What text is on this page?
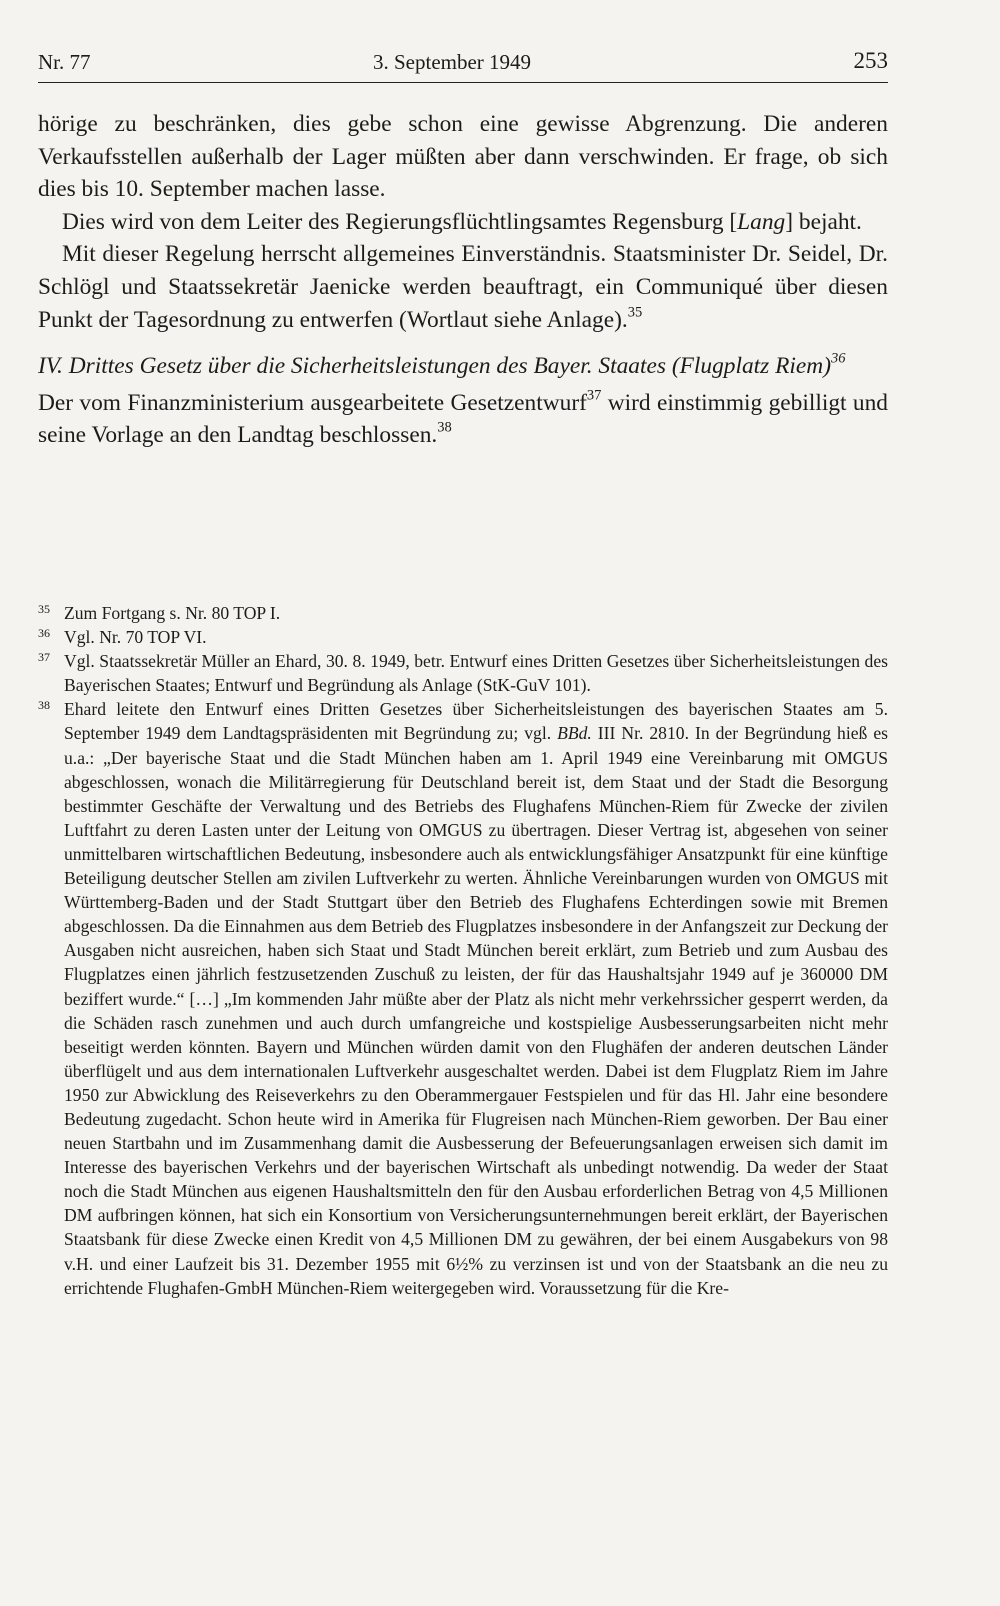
Nr. 77	3. September 1949	253

hörige zu beschränken, dies gebe schon eine gewisse Abgrenzung. Die anderen Verkaufsstellen außerhalb der Lager müßten aber dann verschwinden. Er frage, ob sich dies bis 10. September machen lasse.

Dies wird von dem Leiter des Regierungsflüchtlingsamtes Regensburg [Lang] bejaht.

Mit dieser Regelung herrscht allgemeines Einverständnis. Staatsminister Dr. Seidel, Dr. Schlögl und Staatssekretär Jaenicke werden beauftragt, ein Communiqué über diesen Punkt der Tagesordnung zu entwerfen (Wortlaut siehe Anlage).$^{35}$

IV. Drittes Gesetz über die Sicherheitsleistungen des Bayer. Staates (Flugplatz Riem)$^{36}$

Der vom Finanzministerium ausgearbeitete Gesetzentwurf$^{37}$ wird einstimmig gebilligt und seine Vorlage an den Landtag beschlossen.$^{38}$

35 Zum Fortgang s. Nr. 80 TOP I.

36 Vgl. Nr. 70 TOP VI.

37 Vgl. Staatssekretär Müller an Ehard, 30. 8. 1949, betr. Entwurf eines Dritten Gesetzes über Sicherheitsleistungen des Bayerischen Staates; Entwurf und Begründung als Anlage (StK-GuV 101).

38 Ehard leitete den Entwurf eines Dritten Gesetzes über Sicherheitsleistungen des bayerischen Staates am 5. September 1949 dem Landtagspräsidenten mit Begründung zu; vgl. BBd. III Nr. 2810. In der Begründung hieß es u.a.: „Der bayerische Staat und die Stadt München haben am 1. April 1949 eine Vereinbarung mit OMGUS abgeschlossen, wonach die Militärregierung für Deutschland bereit ist, dem Staat und der Stadt die Besorgung bestimmter Geschäfte der Verwaltung und des Betriebs des Flughafens München-Riem für Zwecke der zivilen Luftfahrt zu deren Lasten unter der Leitung von OMGUS zu übertragen. Dieser Vertrag ist, abgesehen von seiner unmittelbaren wirtschaftlichen Bedeutung, insbesondere auch als entwicklungsfähiger Ansatzpunkt für eine künftige Beteiligung deutscher Stellen am zivilen Luftverkehr zu werten. Ähnliche Vereinbarungen wurden von OMGUS mit Württemberg-Baden und der Stadt Stuttgart über den Betrieb des Flughafens Echterdingen sowie mit Bremen abgeschlossen. Da die Einnahmen aus dem Betrieb des Flugplatzes insbesondere in der Anfangszeit zur Deckung der Ausgaben nicht ausreichen, haben sich Staat und Stadt München bereit erklärt, zum Betrieb und zum Ausbau des Flugplatzes einen jährlich festzusetzenden Zuschuß zu leisten, der für das Haushaltsjahr 1949 auf je 360000 DM beziffert wurde.“ […] „Im kommenden Jahr müßte aber der Platz als nicht mehr verkehrssicher gesperrt werden, da die Schäden rasch zunehmen und auch durch umfangreiche und kostspielige Ausbesserungsarbeiten nicht mehr beseitigt werden könnten. Bayern und München würden damit von den Flughäfen der anderen deutschen Länder überflügelt und aus dem internationalen Luftverkehr ausgeschaltet werden. Dabei ist dem Flugplatz Riem im Jahre 1950 zur Abwicklung des Reiseverkehrs zu den Oberammergauer Festspielen und für das Hl. Jahr eine besondere Bedeutung zugedacht. Schon heute wird in Amerika für Flugreisen nach München-Riem geworben. Der Bau einer neuen Startbahn und im Zusammenhang damit die Ausbesserung der Befeuerungsanlagen erweisen sich damit im Interesse des bayerischen Verkehrs und der bayerischen Wirtschaft als unbedingt notwendig. Da weder der Staat noch die Stadt München aus eigenen Haushaltsmitteln den für den Ausbau erforderlichen Betrag von 4,5 Millionen DM aufbringen können, hat sich ein Konsortium von Versicherungsunternehmungen bereit erklärt, der Bayerischen Staatsbank für diese Zwecke einen Kredit von 4,5 Millionen DM zu gewähren, der bei einem Ausgabekurs von 98 v.H. und einer Laufzeit bis 31. Dezember 1955 mit 6½% zu verzinsen ist und von der Staatsbank an die neu zu errichtende Flughafen-GmbH München-Riem weitergegeben wird. Voraussetzung für die Kre-
